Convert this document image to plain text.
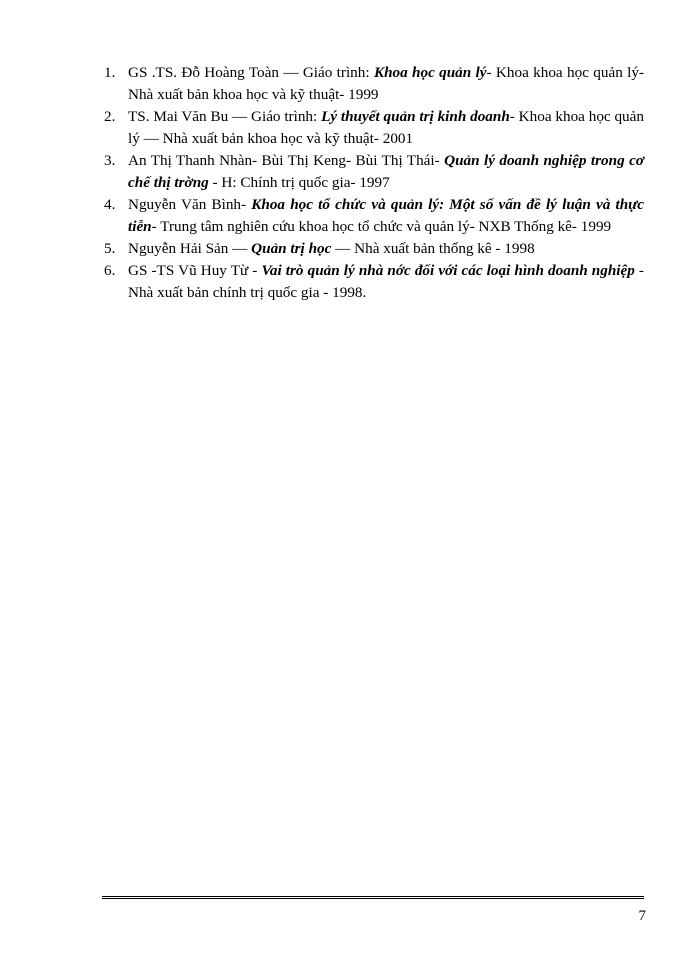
1. GS .TS. Đỗ Hoàng Toàn — Giáo trình: Khoa học quản lý- Khoa khoa học quản lý- Nhà xuất bản khoa học và kỹ thuật- 1999
2. TS. Mai Văn Bu — Giáo trình: Lý thuyết quản trị kinh doanh- Khoa khoa học quản lý — Nhà xuất bản khoa học và kỹ thuật- 2001
3. An Thị Thanh Nhàn- Bùi Thị Keng- Bùi Thị Thái- Quản lý doanh nghiệp trong cơ chế thị trờng - H: Chính trị quốc gia- 1997
4. Nguyễn Văn Bình- Khoa học tổ chức và quản lý: Một số vấn đề lý luận và thực tiễn- Trung tâm nghiên cứu khoa học tổ chức và quản lý- NXB Thống kê- 1999
5. Nguyễn Hải Sản — Quản trị học — Nhà xuất bản thống kê - 1998
6. GS -TS Vũ Huy Từ - Vai trò quản lý nhà nớc đối với các loại hình doanh nghiệp - Nhà xuất bản chính trị quốc gia - 1998.
7
